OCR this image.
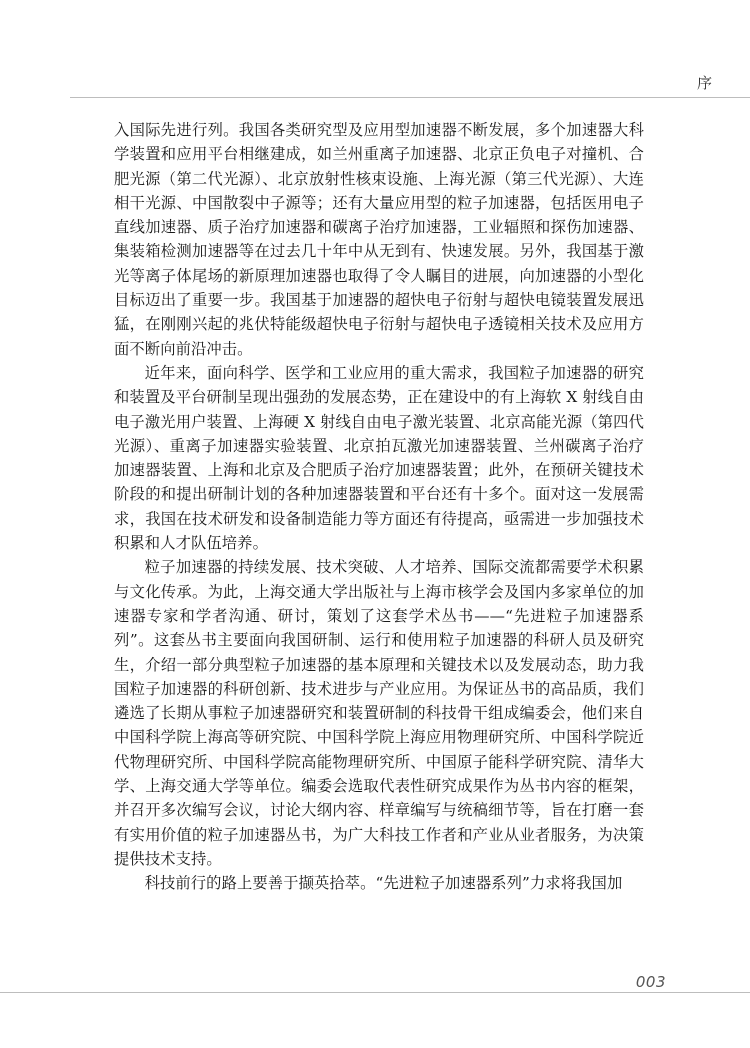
序

入国际先进行列。我国各类研究型及应用型加速器不断发展，多个加速器大科学装置和应用平台相继建成，如兰州重离子加速器、北京正负电子对撞机、合肥光源（第二代光源）、北京放射性核束设施、上海光源（第三代光源）、大连相干光源、中国散裂中子源等；还有大量应用型的粒子加速器，包括医用电子直线加速器、质子治疗加速器和碳离子治疗加速器，工业辐照和探伤加速器、集装箱检测加速器等在过去几十年中从无到有、快速发展。另外，我国基于激光等离子体尾场的新原理加速器也取得了令人瞩目的进展，向加速器的小型化目标迈出了重要一步。我国基于加速器的超快电子衍射与超快电镜装置发展迅猛，在刚刚兴起的兆伏特能级超快电子衍射与超快电子透镜相关技术及应用方面不断向前沿冲击。

近年来，面向科学、医学和工业应用的重大需求，我国粒子加速器的研究和装置及平台研制呈现出强劲的发展态势，正在建设中的有上海软 X 射线自由电子激光用户装置、上海硬 X 射线自由电子激光装置、北京高能光源（第四代光源）、重离子加速器实验装置、北京拍瓦激光加速器装置、兰州碳离子治疗加速器装置、上海和北京及合肥质子治疗加速器装置；此外，在预研关键技术阶段的和提出研制计划的各种加速器装置和平台还有十多个。面对这一发展需求，我国在技术研发和设备制造能力等方面还有待提高，亟需进一步加强技术积累和人才队伍培养。

粒子加速器的持续发展、技术突破、人才培养、国际交流都需要学术积累与文化传承。为此，上海交通大学出版社与上海市核学会及国内多家单位的加速器专家和学者沟通、研讨，策划了这套学术丛书——“先进粒子加速器系列”。这套丛书主要面向我国研制、运行和使用粒子加速器的科研人员及研究生，介绍一部分典型粒子加速器的基本原理和关键技术以及发展动态，助力我国粒子加速器的科研创新、技术进步与产业应用。为保证丛书的高品质，我们遴选了长期从事粒子加速器研究和装置研制的科技骨干组成编委会，他们来自中国科学院上海高等研究院、中国科学院上海应用物理研究所、中国科学院近代物理研究所、中国科学院高能物理研究所、中国原子能科学研究院、清华大学、上海交通大学等单位。编委会选取代表性研究成果作为丛书内容的框架，并召开多次编写会议，讨论大纲内容、样章编写与统稿细节等，旨在打磨一套有实用价值的粒子加速器丛书，为广大科技工作者和产业从业者服务，为决策提供技术支持。

科技前行的路上要善于撷英拾萃。“先进粒子加速器系列”力求将我国加

003
